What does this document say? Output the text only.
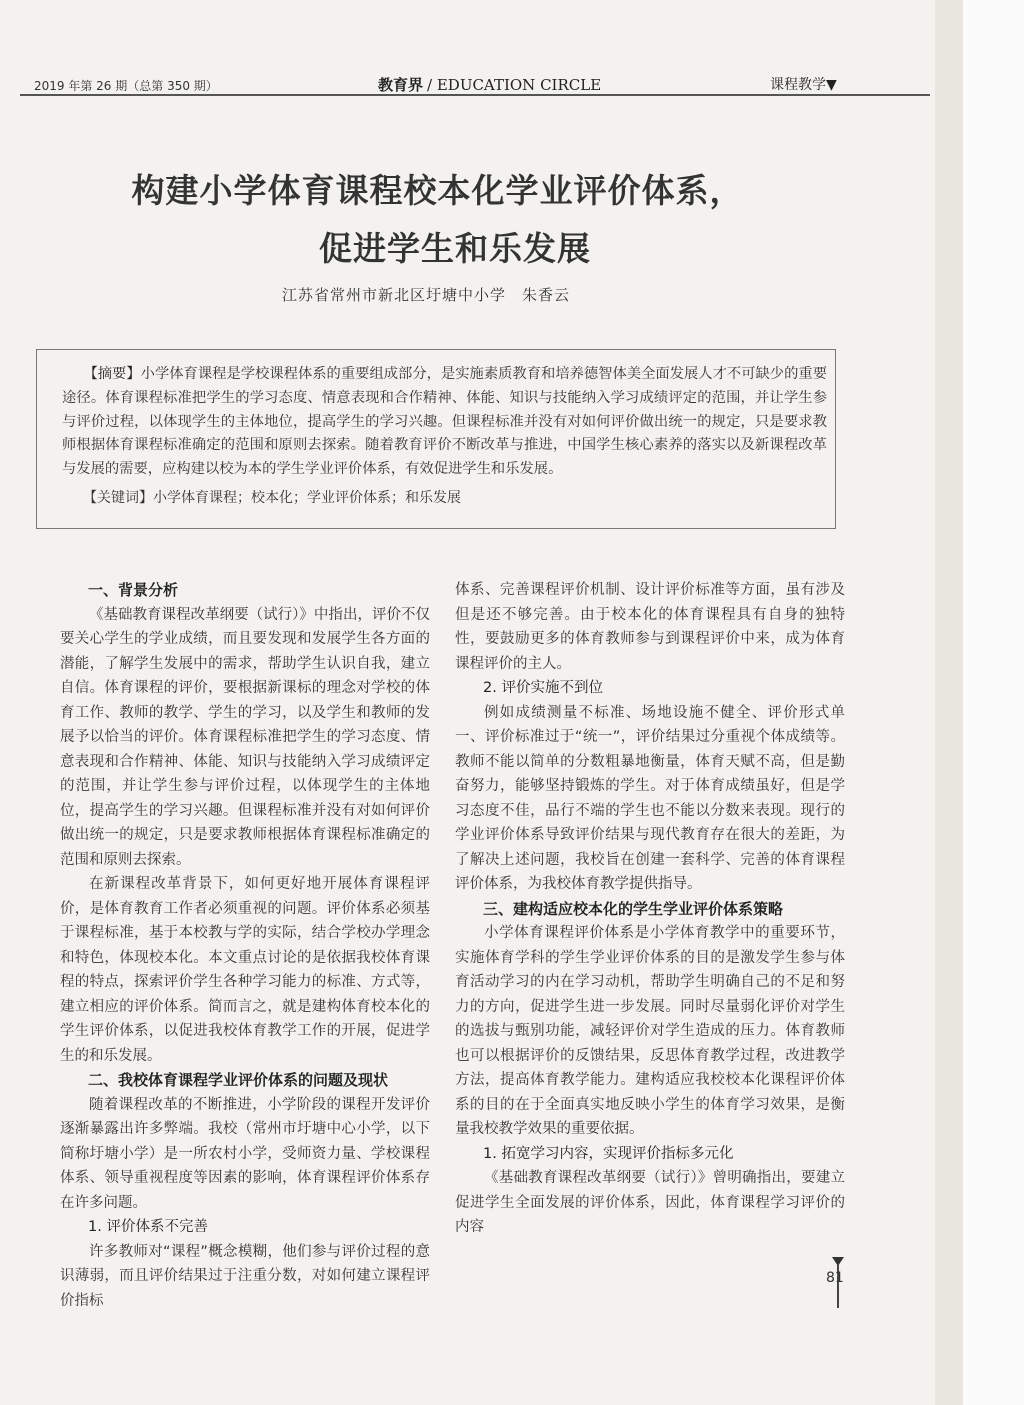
2019 年第 26 期（总第 350 期）	教育界 / EDUCATION CIRCLE	课程教学▼
构建小学体育课程校本化学业评价体系，
促进学生和乐发展
江苏省常州市新北区圩塘中小学　朱香云
　　【摘要】小学体育课程是学校课程体系的重要组成部分，是实施素质教育和培养德智体美全面发展人才不可缺少的重要途径。体育课程标准把学生的学习态度、情意表现和合作精神、体能、知识与技能纳入学习成绩评定的范围，并让学生参与评价过程，以体现学生的主体地位，提高学生的学习兴趣。但课程标准并没有对如何评价做出统一的规定，只是要求教师根据体育课程标准确定的范围和原则去探索。随着教育评价不断改革与推进，中国学生核心素养的落实以及新课程改革与发展的需要，应构建以校为本的学生学业评价体系，有效促进学生和乐发展。
　　【关键词】小学体育课程；校本化；学业评价体系；和乐发展
一、背景分析

《基础教育课程改革纲要（试行）》中指出，评价不仅要关心学生的学业成绩，而且要发现和发展学生各方面的潜能，了解学生发展中的需求，帮助学生认识自我，建立自信。体育课程的评价，要根据新课标的理念对学校的体育工作、教师的教学、学生的学习，以及学生和教师的发展予以恰当的评价。体育课程标准把学生的学习态度、情意表现和合作精神、体能、知识与技能纳入学习成绩评定的范围，并让学生参与评价过程，以体现学生的主体地位，提高学生的学习兴趣。但课程标准并没有对如何评价做出统一的规定，只是要求教师根据体育课程标准确定的范围和原则去探索。

在新课程改革背景下，如何更好地开展体育课程评价，是体育教育工作者必须重视的问题。评价体系必须基于课程标准，基于本校教与学的实际，结合学校办学理念和特色，体现校本化。本文重点讨论的是依据我校体育课程的特点，探索评价学生各种学习能力的标准、方式等，建立相应的评价体系。简而言之，就是建构体育校本化的学生评价体系，以促进我校体育教学工作的开展，促进学生的和乐发展。

二、我校体育课程学业评价体系的问题及现状

随着课程改革的不断推进，小学阶段的课程开发评价逐渐暴露出许多弊端。我校（常州市圩塘中心小学，以下简称圩塘小学）是一所农村小学，受师资力量、学校课程体系、领导重视程度等因素的影响，体育课程评价体系存在许多问题。

1. 评价体系不完善

许多教师对“课程”概念模糊，他们参与评价过程的意识薄弱，而且评价结果过于注重分数，对如何建立课程评价指标

体系、完善课程评价机制、设计评价标准等方面，虽有涉及但是还不够完善。由于校本化的体育课程具有自身的独特性，要鼓励更多的体育教师参与到课程评价中来，成为体育课程评价的主人。

2. 评价实施不到位

例如成绩测量不标准、场地设施不健全、评价形式单一、评价标准过于“统一”，评价结果过分重视个体成绩等。教师不能以简单的分数粗暴地衡量，体育天赋不高，但是勤奋努力，能够坚持锻炼的学生。对于体育成绩虽好，但是学习态度不佳，品行不端的学生也不能以分数来表现。现行的学业评价体系导致评价结果与现代教育存在很大的差距，为了解决上述问题，我校旨在创建一套科学、完善的体育课程评价体系，为我校体育教学提供指导。

三、建构适应校本化的学生学业评价体系策略

小学体育课程评价体系是小学体育教学中的重要环节，实施体育学科的学生学业评价体系的目的是激发学生参与体育活动学习的内在学习动机，帮助学生明确自己的不足和努力的方向，促进学生进一步发展。同时尽量弱化评价对学生的选拔与甄别功能，减轻评价对学生造成的压力。体育教师也可以根据评价的反馈结果，反思体育教学过程，改进教学方法，提高体育教学能力。建构适应我校校本化课程评价体系的目的在于全面真实地反映小学生的体育学习效果，是衡量我校教学效果的重要依据。

1. 拓宽学习内容，实现评价指标多元化

《基础教育课程改革纲要（试行）》曾明确指出，要建立促进学生全面发展的评价体系，因此，体育课程学习评价的内容

81
